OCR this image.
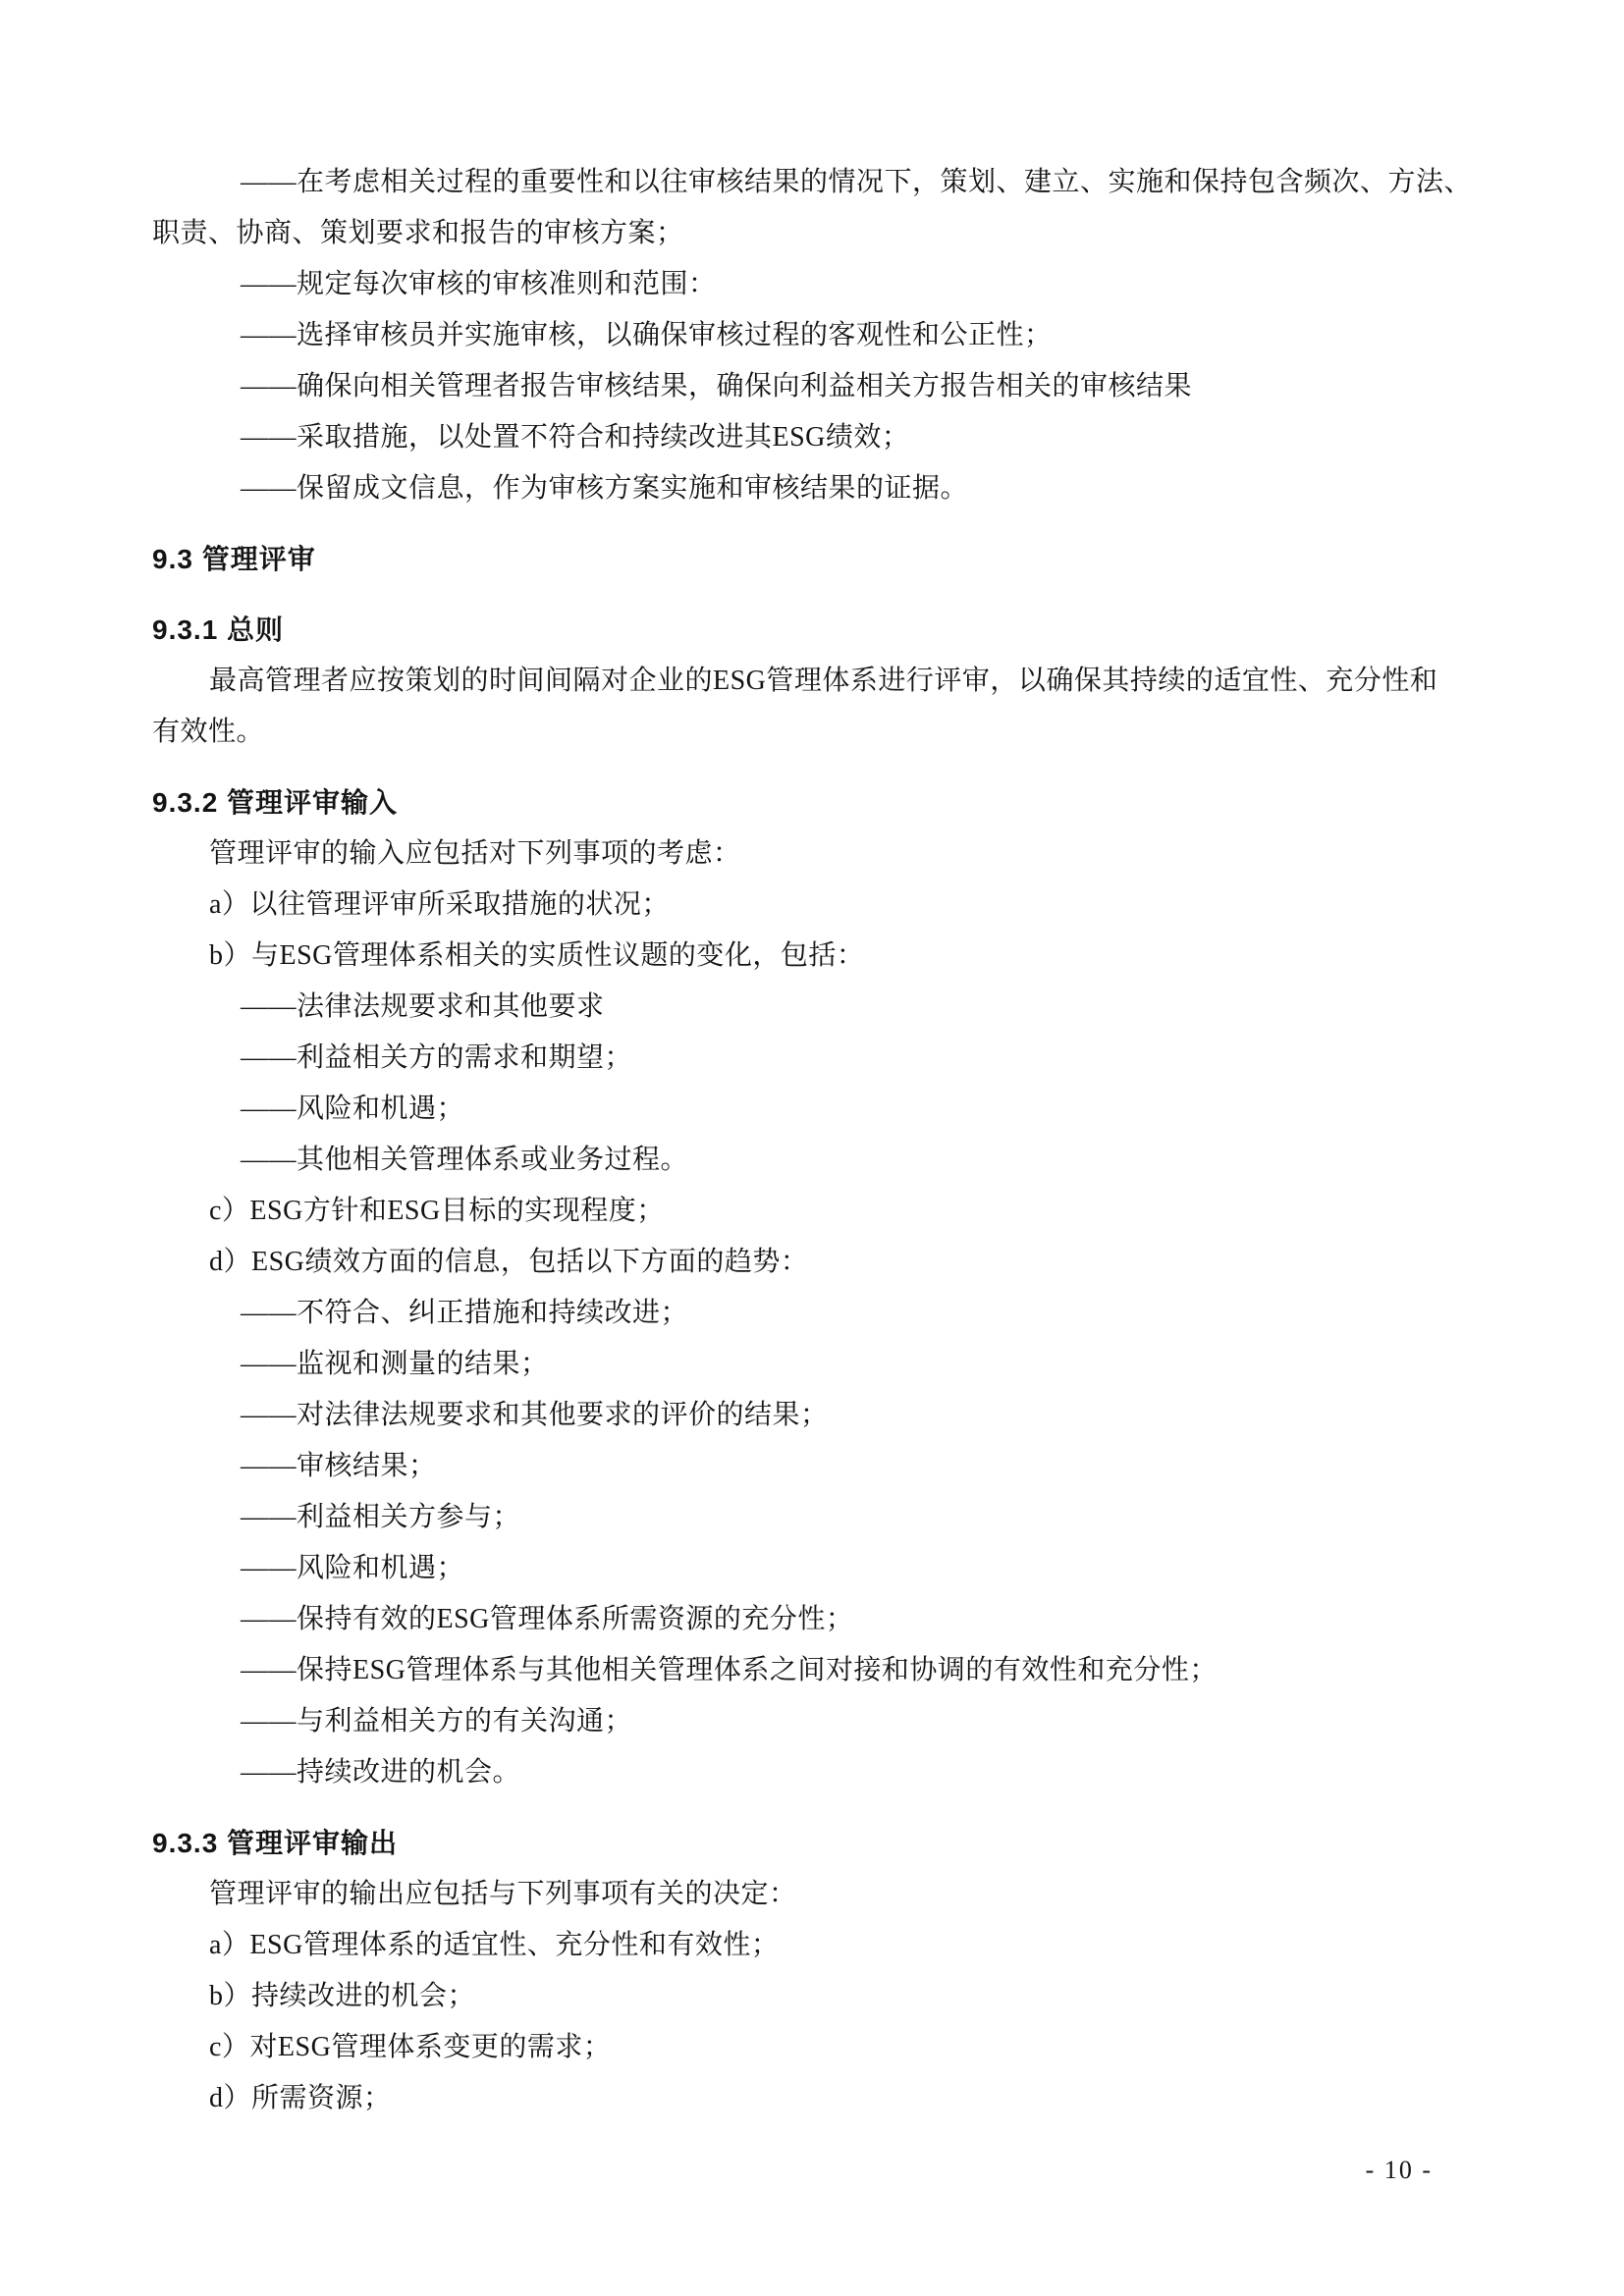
——在考虑相关过程的重要性和以往审核结果的情况下，策划、建立、实施和保持包含频次、方法、
职责、协商、策划要求和报告的审核方案；
——规定每次审核的审核准则和范围：
——选择审核员并实施审核，以确保审核过程的客观性和公正性；
——确保向相关管理者报告审核结果，确保向利益相关方报告相关的审核结果
——采取措施，以处置不符合和持续改进其ESG绩效；
——保留成文信息，作为审核方案实施和审核结果的证据。
9.3 管理评审
9.3.1 总则
最高管理者应按策划的时间间隔对企业的ESG管理体系进行评审，以确保其持续的适宜性、充分性和
有效性。
9.3.2 管理评审输入
管理评审的输入应包括对下列事项的考虑：
a）以往管理评审所采取措施的状况；
b）与ESG管理体系相关的实质性议题的变化，包括：
——法律法规要求和其他要求
——利益相关方的需求和期望；
——风险和机遇；
——其他相关管理体系或业务过程。
c）ESG方针和ESG目标的实现程度；
d）ESG绩效方面的信息，包括以下方面的趋势：
——不符合、纠正措施和持续改进；
——监视和测量的结果；
——对法律法规要求和其他要求的评价的结果；
——审核结果；
——利益相关方参与；
——风险和机遇；
——保持有效的ESG管理体系所需资源的充分性；
——保持ESG管理体系与其他相关管理体系之间对接和协调的有效性和充分性；
——与利益相关方的有关沟通；
——持续改进的机会。
9.3.3 管理评审输出
管理评审的输出应包括与下列事项有关的决定：
a）ESG管理体系的适宜性、充分性和有效性；
b）持续改进的机会；
c）对ESG管理体系变更的需求；
d）所需资源；
- 10 -
